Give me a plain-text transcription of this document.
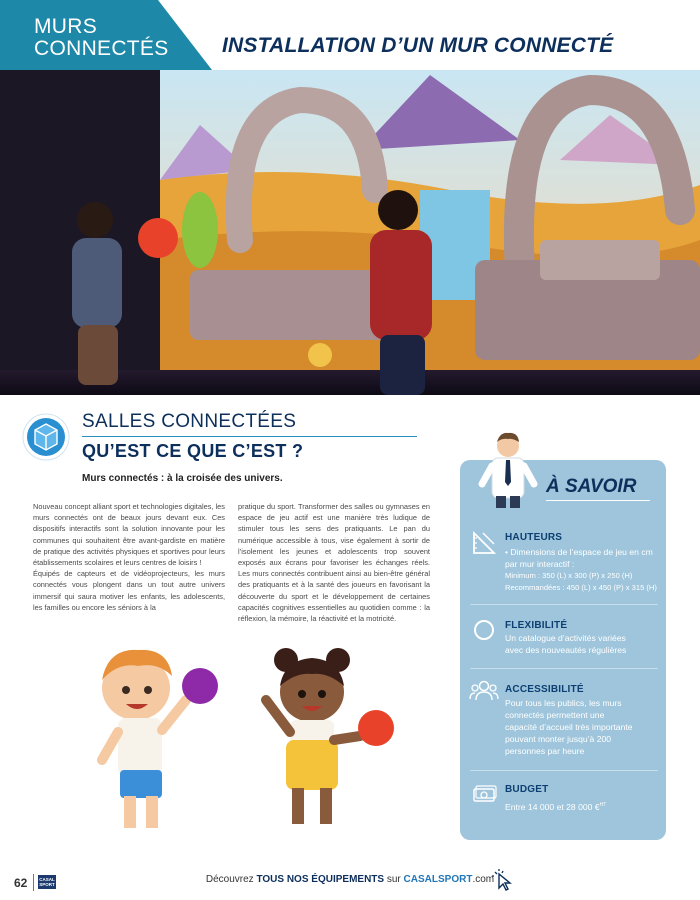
MURS
CONNECTÉS	INSTALLATION D’UN MUR CONNECTÉ
SALLES CONNECTÉES
QU’EST CE QUE C’EST ?
Murs connectés : à la croisée des univers.

Nouveau concept alliant sport et technologies digitales, les murs connectés ont de beaux jours devant eux. Ces dispositifs interactifs sont la solution innovante pour les communes qui souhaitent être avant-gardiste en matière de pratique des activités physiques et sportives pour leurs établissements scolaires et leurs centres de loisirs !

Équipés de capteurs et de vidéoprojecteurs, les murs connectés vous plongent dans un tout autre univers immersif qui saura motiver les enfants, les adolescents, les familles ou encore les séniors à la

pratique du sport. Transformer des salles ou gymnases en espace de jeu actif est une manière très ludique de stimuler tous les sens des pratiquants. Le pan du numérique accessible à tous, vise également à sortir de l’isolement les jeunes et adolescents trop souvent exposés aux écrans pour favoriser les échanges réels. Les murs connectés contribuent ainsi au bien-être général des pratiquants et à la santé des joueurs en favorisant la découverte du sport et le développement de certaines capacités cognitives essentielles au quotidien comme : la réflexion, la mémoire, la réactivité et la motricité.

À SAVOIR
HAUTEURS
• Dimensions de l’espace de jeu en cm
par mur interactif :
Minimum : 350 (L) x 300 (P) x 250 (H)
Recommandées : 450 (L) x 450 (P) x 315 (H)
FLEXIBILITÉ
Un catalogue d’activités variées
avec des nouveautés régulières
ACCESSIBILITÉ
Pour tous les publics, les murs
connectés permettent une
capacité d’accueil très importante
pouvant monter jusqu’à 200
personnes par heure
BUDGET
Entre 14 000 et 28 000 €$^{HT}$
62	CASAL
SPORT	Découvrez TOUS NOS ÉQUIPEMENTS sur CASALSPORT.com
